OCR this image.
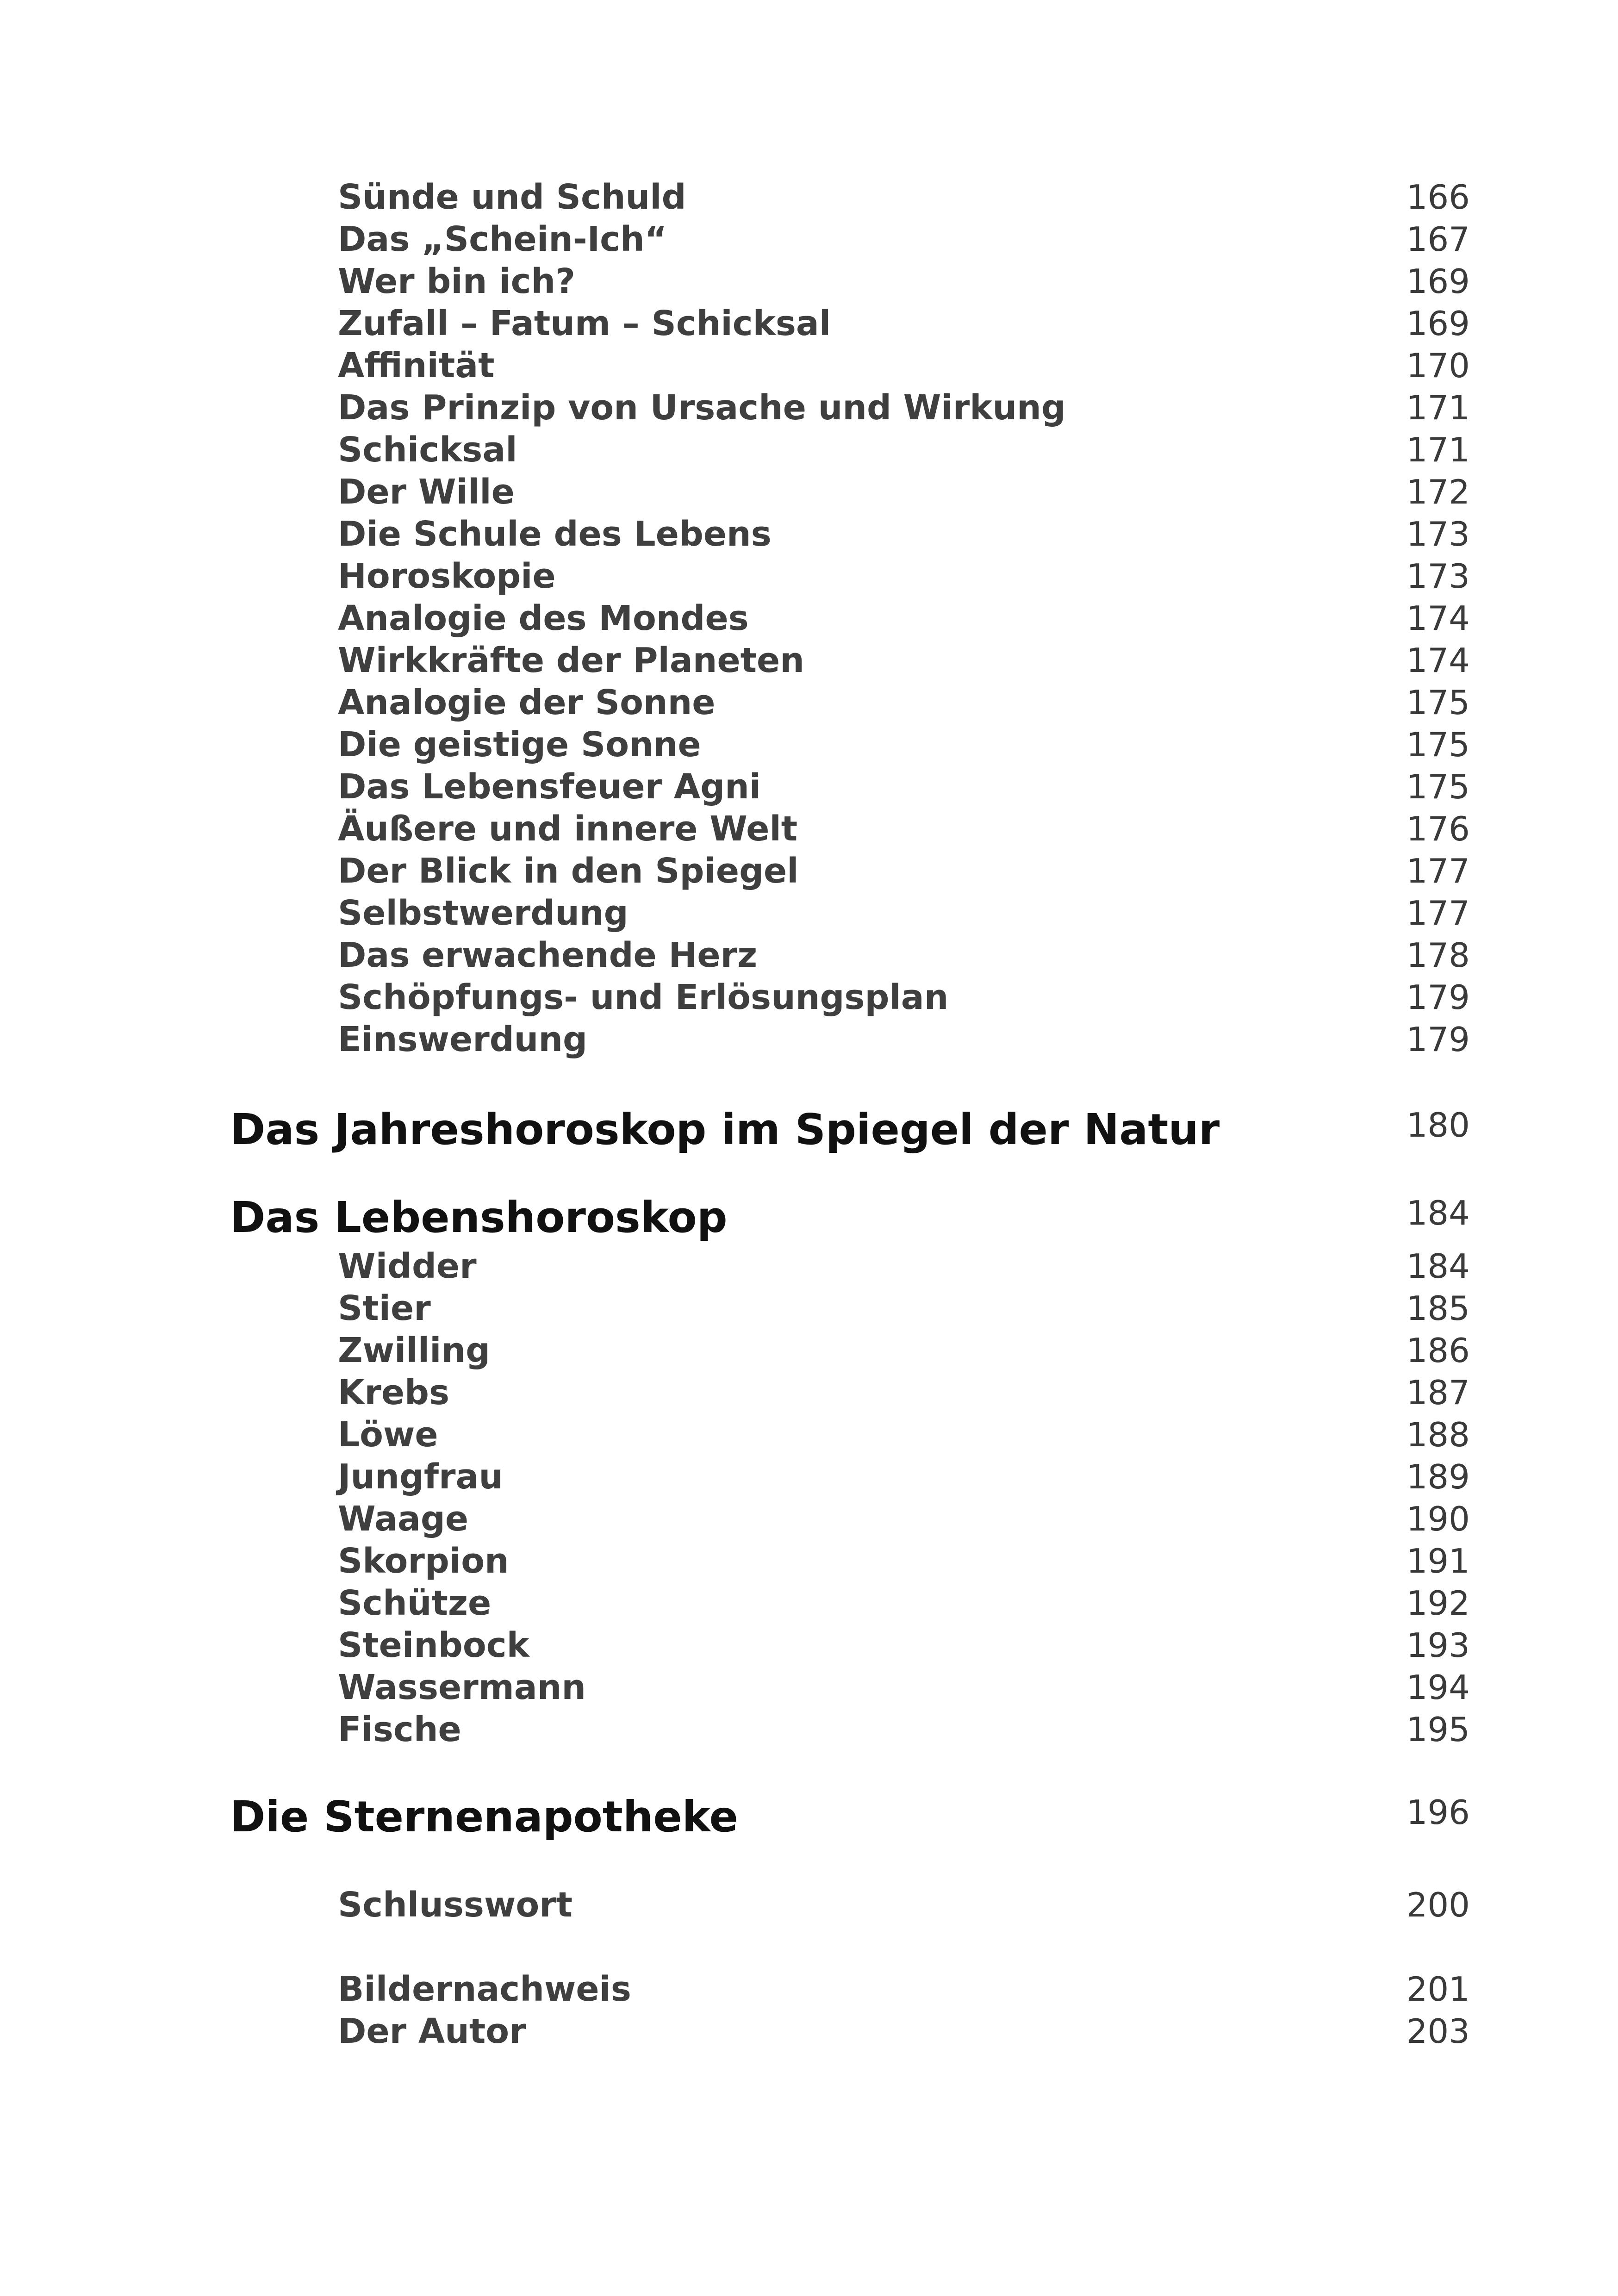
Sünde und Schuld	166
Das „Schein-Ich“	167
Wer bin ich?	169
Zufall – Fatum – Schicksal	169
Affinität	170
Das Prinzip von Ursache und Wirkung	171
Schicksal	171
Der Wille	172
Die Schule des Lebens	173
Horoskopie	173
Analogie des Mondes	174
Wirkkräfte der Planeten	174
Analogie der Sonne	175
Die geistige Sonne	175
Das Lebensfeuer Agni	175
Äußere und innere Welt	176
Der Blick in den Spiegel	177
Selbstwerdung	177
Das erwachende Herz	178
Schöpfungs- und Erlösungsplan	179
Einswerdung	179
Das Jahreshoroskop im Spiegel der Natur	180
Das Lebenshoroskop	184
Widder	184
Stier	185
Zwilling	186
Krebs	187
Löwe	188
Jungfrau	189
Waage	190
Skorpion	191
Schütze	192
Steinbock	193
Wassermann	194
Fische	195
Die Sternenapotheke	196
Schlusswort	200
Bildernachweis	201
Der Autor	203
